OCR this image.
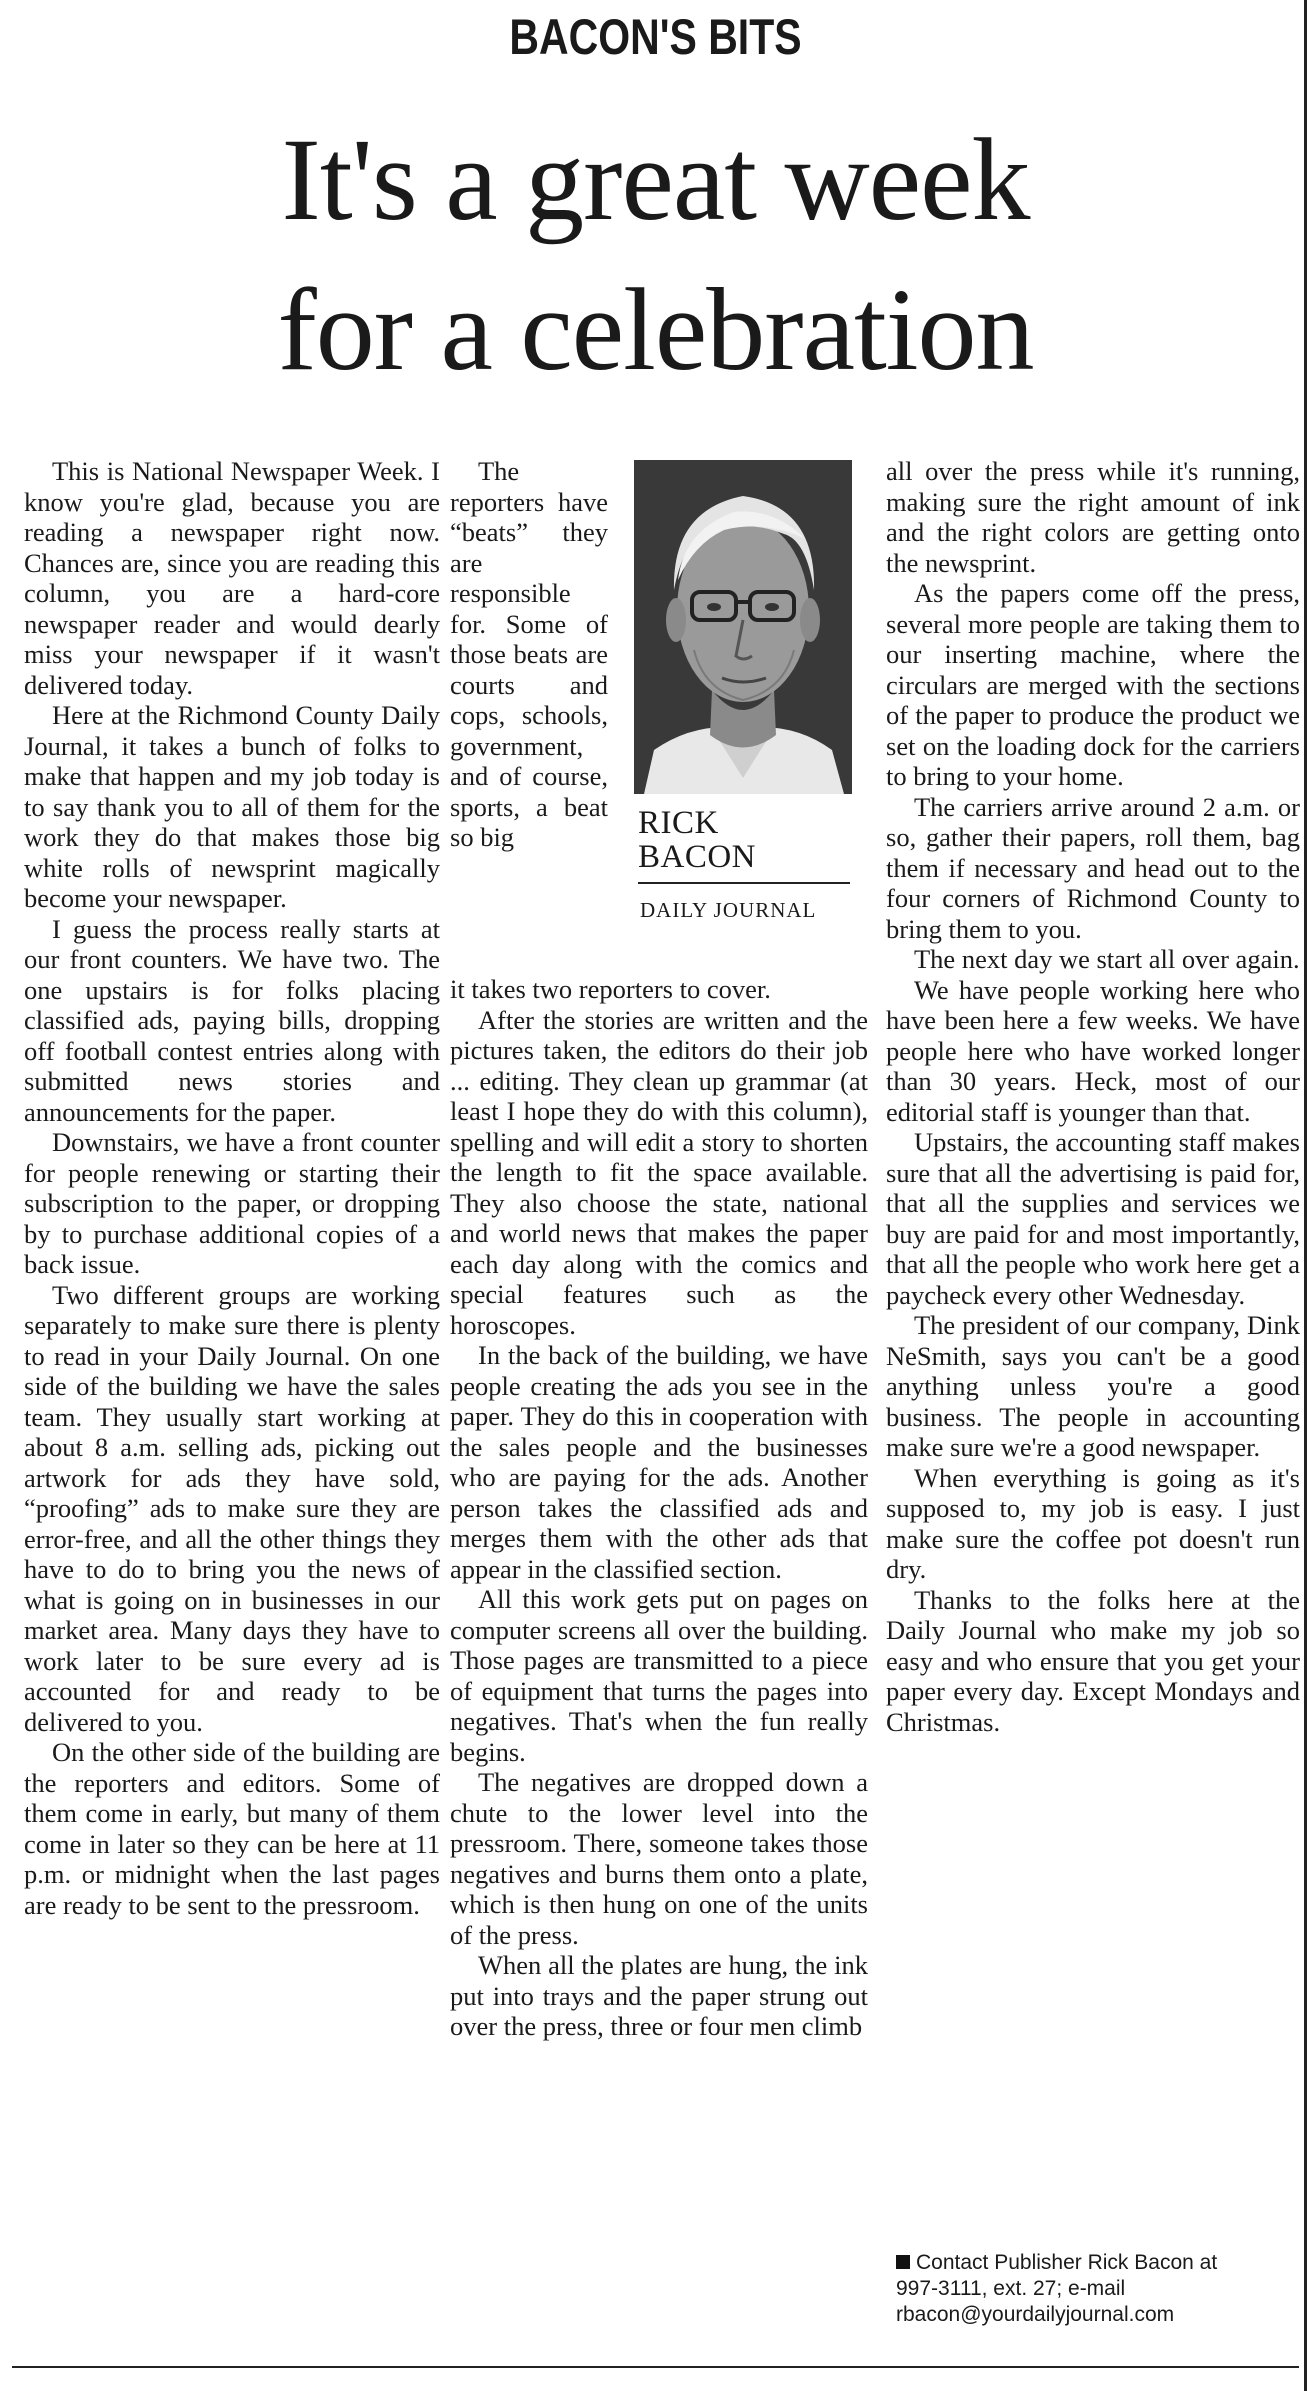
BACON'S BITS
It's a great week
for a celebration

This is National Newspaper Week. I know you're glad, because you are reading a newspaper right now. Chances are, since you are reading this column, you are a hard-core newspaper reader and would dearly miss your newspaper if it wasn't delivered today.

Here at the Richmond County Daily Journal, it takes a bunch of folks to make that happen and my job today is to say thank you to all of them for the work they do that makes those big white rolls of newsprint magically become your newspaper.

I guess the process really starts at our front counters. We have two. The one upstairs is for folks placing classified ads, paying bills, dropping off football contest entries along with submitted news stories and announcements for the paper.

Downstairs, we have a front counter for people renewing or starting their subscription to the paper, or dropping by to purchase additional copies of a back issue.

Two different groups are working separately to make sure there is plenty to read in your Daily Journal. On one side of the building we have the sales team. They usually start working at about 8 a.m. selling ads, picking out artwork for ads they have sold, “proofing” ads to make sure they are error-free, and all the other things they have to do to bring you the news of what is going on in businesses in our market area. Many days they have to work later to be sure every ad is accounted for and ready to be delivered to you.

On the other side of the building are the reporters and editors. Some of them come in early, but many of them come in later so they can be here at 11 p.m. or midnight when the last pages are ready to be sent to the pressroom.

The reporters have “beats” they are responsible for. Some of those beats are courts and cops, schools, government, and of course, sports, a beat so big	RICK
BACON
DAILY JOURNAL

it takes two reporters to cover.

After the stories are written and the pictures taken, the editors do their job ... editing. They clean up grammar (at least I hope they do with this column), spelling and will edit a story to shorten the length to fit the space available. They also choose the state, national and world news that makes the paper each day along with the comics and special features such as the horoscopes.

In the back of the building, we have people creating the ads you see in the paper. They do this in cooperation with the sales people and the businesses who are paying for the ads. Another person takes the classified ads and merges them with the other ads that appear in the classified section.

All this work gets put on pages on computer screens all over the building. Those pages are transmitted to a piece of equipment that turns the pages into negatives. That's when the fun really begins.

The negatives are dropped down a chute to the lower level into the pressroom. There, someone takes those negatives and burns them onto a plate, which is then hung on one of the units of the press.

When all the plates are hung, the ink put into trays and the paper strung out over the press, three or four men climb

all over the press while it's running, making sure the right amount of ink and the right colors are getting onto the newsprint.

As the papers come off the press, several more people are taking them to our inserting machine, where the circulars are merged with the sections of the paper to produce the product we set on the loading dock for the carriers to bring to your home.

The carriers arrive around 2 a.m. or so, gather their papers, roll them, bag them if necessary and head out to the four corners of Richmond County to bring them to you.

The next day we start all over again.

We have people working here who have been here a few weeks. We have people here who have worked longer than 30 years. Heck, most of our editorial staff is younger than that.

Upstairs, the accounting staff makes sure that all the advertising is paid for, that all the supplies and services we buy are paid for and most importantly, that all the people who work here get a paycheck every other Wednesday.

The president of our company, Dink NeSmith, says you can't be a good anything unless you're a good business. The people in accounting make sure we're a good newspaper.

When everything is going as it's supposed to, my job is easy. I just make sure the coffee pot doesn't run dry.

Thanks to the folks here at the Daily Journal who make my job so easy and who ensure that you get your paper every day. Except Mondays and Christmas.

Contact Publisher Rick Bacon at
997-3111, ext. 27; e-mail
rbacon@yourdailyjournal.com
